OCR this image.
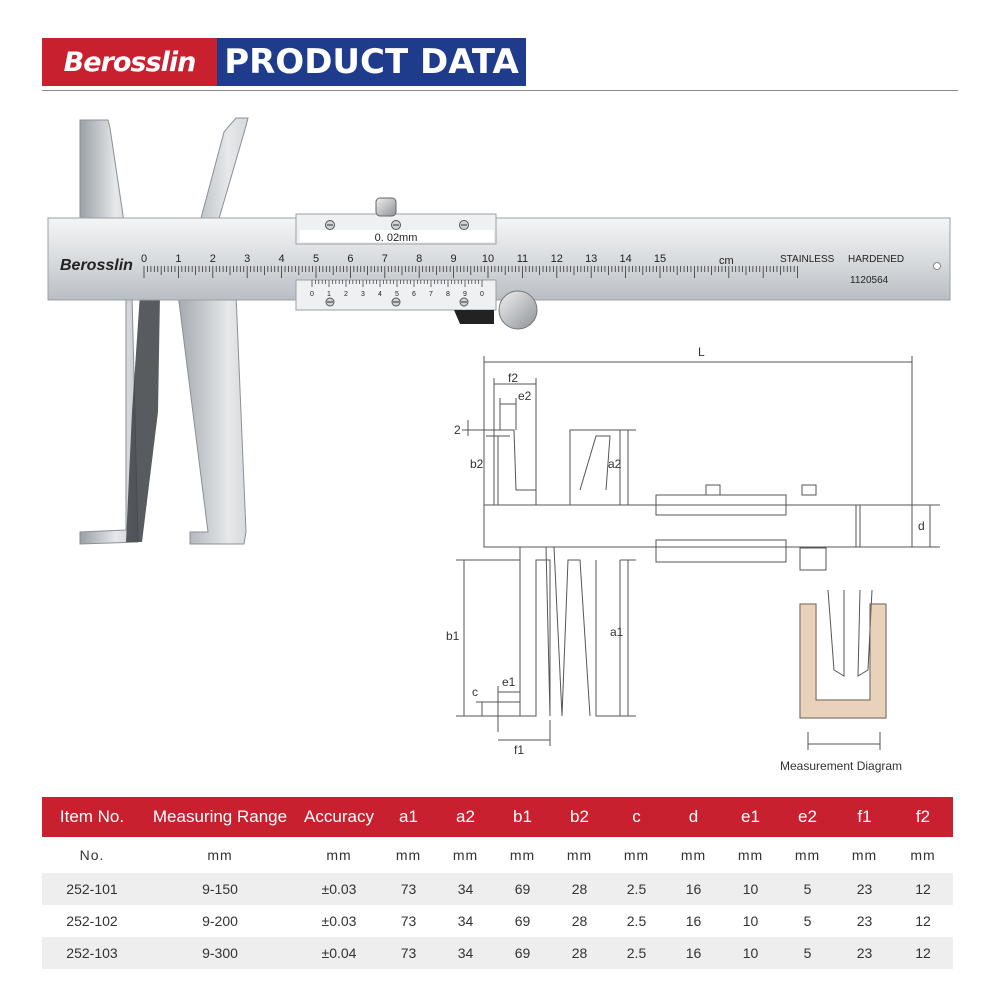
Berosslin PRODUCT DATA
0. 02mm
Berosslin 0	1	2	3	4	5	6	7	8	9 10 11 12 13 14 15	cm	STAINLESS HARDENED
1120564
0 1 2 3 4 5 6 7 8 9 0
L
f2
e2
2
b2	a2
d
b1	a1
c
e1
f1
Measurement Diagram
Item No.	Measuring Range	Accuracy	a1	a2	b1	b2	c	d	e1	e2	f1	f2
No.	mm	mm	mm	mm	mm	mm	mm	mm	mm	mm	mm	mm
252-101	9-150	±0.03	73	34	69	28	2.5	16	10	5	23	12
252-102	9-200	±0.03	73	34	69	28	2.5	16	10	5	23	12
252-103	9-300	±0.04	73	34	69	28	2.5	16	10	5	23	12
